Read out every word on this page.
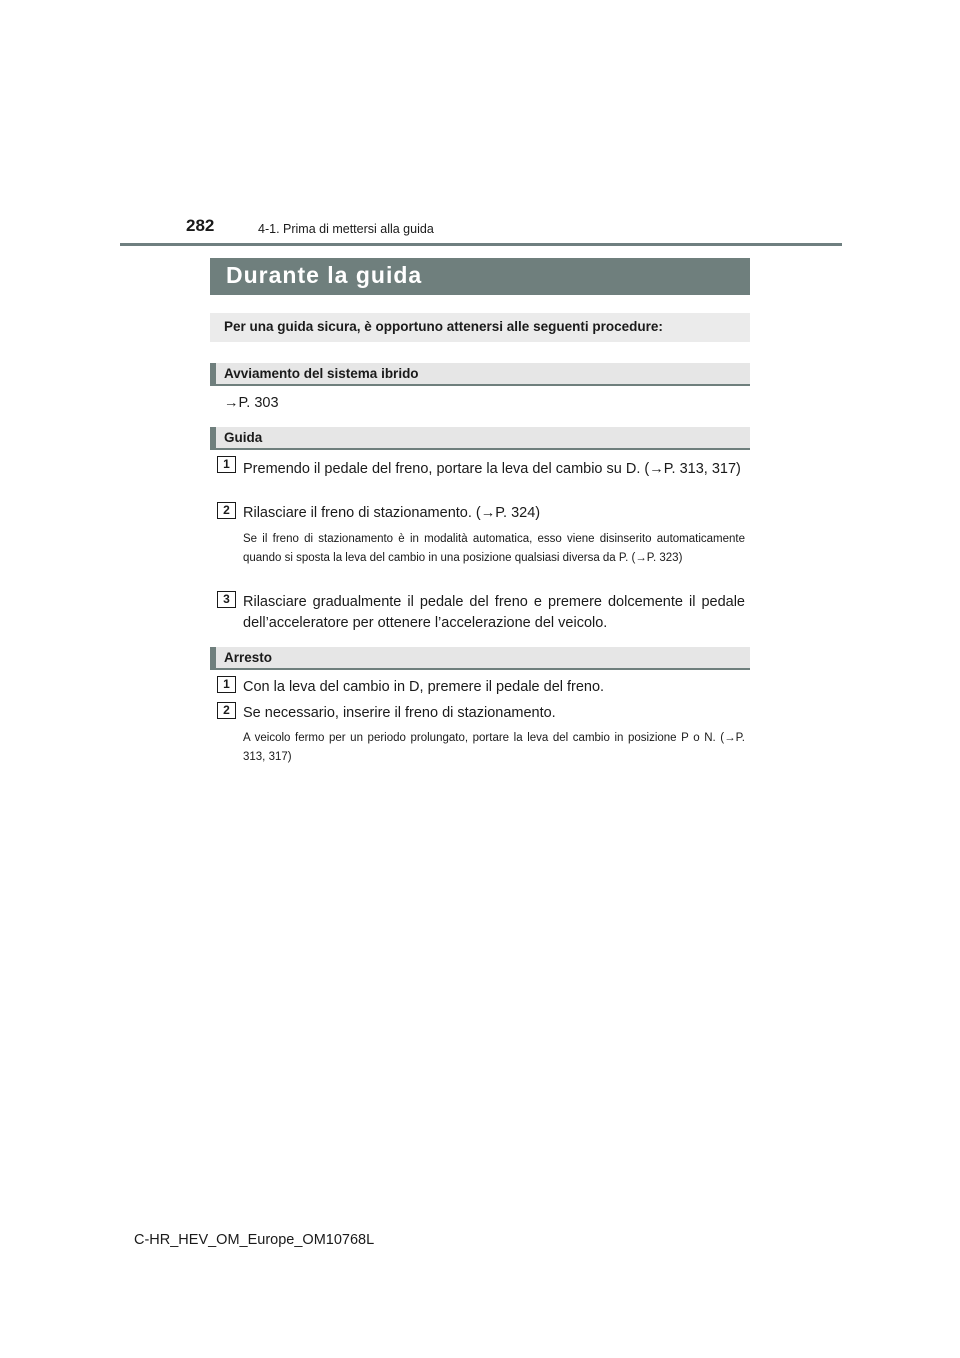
282	4-1. Prima di mettersi alla guida
Durante la guida
Per una guida sicura, è opportuno attenersi alle seguenti procedure:
Avviamento del sistema ibrido
→P. 303
Guida
1 Premendo il pedale del freno, portare la leva del cambio su D. (→P. 313, 317)
2 Rilasciare il freno di stazionamento. (→P. 324)
Se il freno di stazionamento è in modalità automatica, esso viene disinserito automaticamente quando si sposta la leva del cambio in una posizione qualsiasi diversa da P. (→P. 323)
3 Rilasciare gradualmente il pedale del freno e premere dolcemente il pedale dell’acceleratore per ottenere l’accelerazione del veicolo.
Arresto
1 Con la leva del cambio in D, premere il pedale del freno.
2 Se necessario, inserire il freno di stazionamento.
A veicolo fermo per un periodo prolungato, portare la leva del cambio in posizione P o N. (→P. 313, 317)
C-HR_HEV_OM_Europe_OM10768L
